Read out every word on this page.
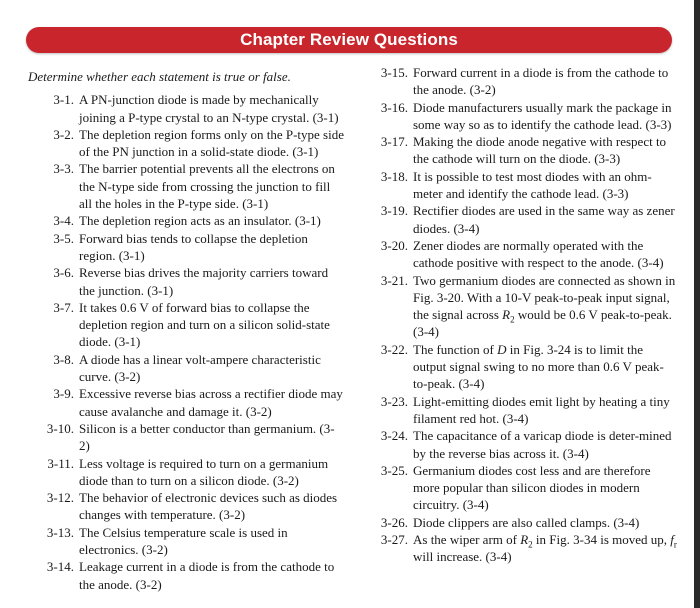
Chapter Review Questions
Determine whether each statement is true or false.
3-1. A PN-junction diode is made by mechanically joining a P-type crystal to an N-type crystal. (3-1)
3-2. The depletion region forms only on the P-type side of the PN junction in a solid-state diode. (3-1)
3-3. The barrier potential prevents all the electrons on the N-type side from crossing the junction to fill all the holes in the P-type side. (3-1)
3-4. The depletion region acts as an insulator. (3-1)
3-5. Forward bias tends to collapse the depletion region. (3-1)
3-6. Reverse bias drives the majority carriers toward the junction. (3-1)
3-7. It takes 0.6 V of forward bias to collapse the depletion region and turn on a silicon solid-state diode. (3-1)
3-8. A diode has a linear volt-ampere characteristic curve. (3-2)
3-9. Excessive reverse bias across a rectifier diode may cause avalanche and damage it. (3-2)
3-10. Silicon is a better conductor than germanium. (3-2)
3-11. Less voltage is required to turn on a germanium diode than to turn on a silicon diode. (3-2)
3-12. The behavior of electronic devices such as diodes changes with temperature. (3-2)
3-13. The Celsius temperature scale is used in electronics. (3-2)
3-14. Leakage current in a diode is from the cathode to the anode. (3-2)
3-15. Forward current in a diode is from the cathode to the anode. (3-2)
3-16. Diode manufacturers usually mark the package in some way so as to identify the cathode lead. (3-3)
3-17. Making the diode anode negative with respect to the cathode will turn on the diode. (3-3)
3-18. It is possible to test most diodes with an ohm-meter and identify the cathode lead. (3-3)
3-19. Rectifier diodes are used in the same way as zener diodes. (3-4)
3-20. Zener diodes are normally operated with the cathode positive with respect to the anode. (3-4)
3-21. Two germanium diodes are connected as shown in Fig. 3-20. With a 10-V peak-to-peak input signal, the signal across $R_2$ would be 0.6 V peak-to-peak. (3-4)
3-22. The function of D in Fig. 3-24 is to limit the output signal swing to no more than 0.6 V peak-to-peak. (3-4)
3-23. Light-emitting diodes emit light by heating a tiny filament red hot. (3-4)
3-24. The capacitance of a varicap diode is deter-mined by the reverse bias across it. (3-4)
3-25. Germanium diodes cost less and are therefore more popular than silicon diodes in modern circuitry. (3-4)
3-26. Diode clippers are also called clamps. (3-4)
3-27. As the wiper arm of $R_2$ in Fig. 3-34 is moved up, $f_r$ will increase. (3-4)
